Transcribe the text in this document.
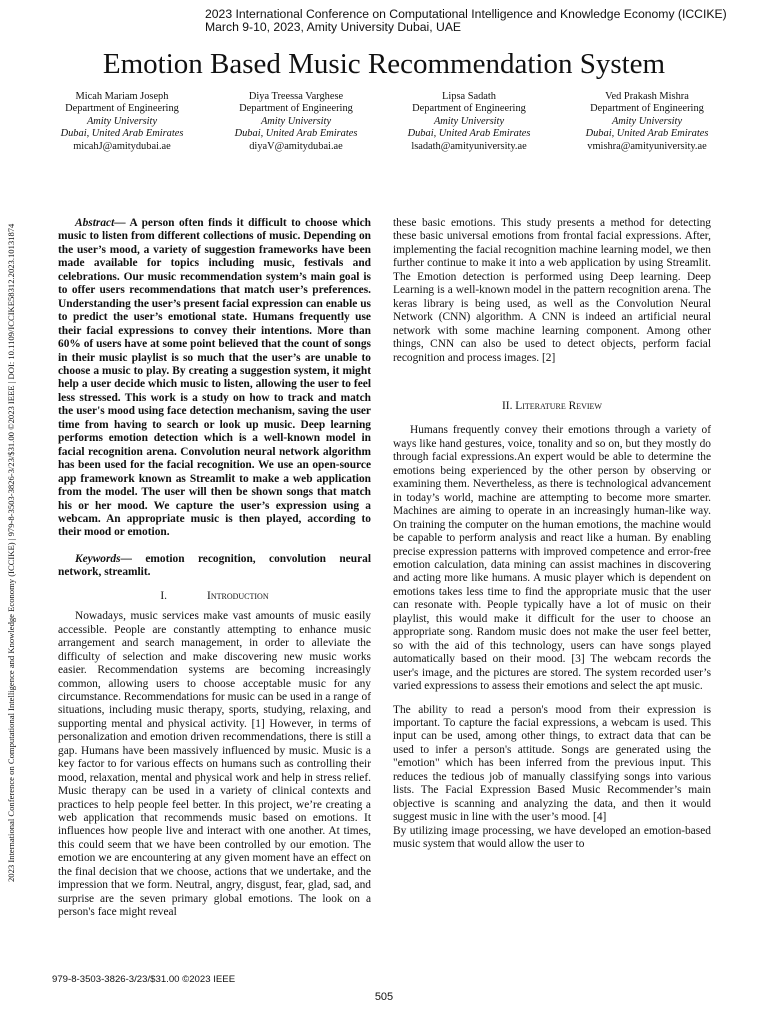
2023 International Conference on Computational Intelligence and Knowledge Economy (ICCIKE)
March 9-10, 2023, Amity University Dubai, UAE
Emotion Based Music Recommendation System
Micah Mariam Joseph
Department of Engineering
Amity University
Dubai, United Arab Emirates
micahJ@amitydubai.ae
Diya Treessa Varghese
Department of Engineering
Amity University
Dubai, United Arab Emirates
diyaV@amitydubai.ae
Lipsa Sadath
Department of Engineering
Amity University
Dubai, United Arab Emirates
lsadath@amityuniversity.ae
Ved Prakash Mishra
Department of Engineering
Amity University
Dubai, United Arab Emirates
vmishra@amityuniversity.ae
2023 International Conference on Computational Intelligence and Knowledge Economy (ICCIKE) | 979-8-3503-3826-3/23/$31.00 ©2023 IEEE | DOI: 10.1109/ICCIKE58312.2023.10131874

Abstract— A person often finds it difficult to choose which music to listen from different collections of music. Depending on the user’s mood, a variety of suggestion frameworks have been made available for topics including music, festivals and celebrations. Our music recommendation system’s main goal is to offer users recommendations that match user’s preferences. Understanding the user’s present facial expression can enable us to predict the user’s emotional state. Humans frequently use their facial expressions to convey their intentions. More than 60% of users have at some point believed that the count of songs in their music playlist is so much that the user’s are unable to choose a music to play. By creating a suggestion system, it might help a user decide which music to listen, allowing the user to feel less stressed. This work is a study on how to track and match the user's mood using face detection mechanism, saving the user time from having to search or look up music. Deep learning performs emotion detection which is a well-known model in facial recognition arena. Convolution neural network algorithm has been used for the facial recognition. We use an open-source app framework known as Streamlit to make a web application from the model. The user will then be shown songs that match his or her mood. We capture the user’s expression using a webcam. An appropriate music is then played, according to their mood or emotion.

Keywords— emotion recognition, convolution neural network, streamlit.

I.	Introduction

Nowadays, music services make vast amounts of music easily accessible. People are constantly attempting to enhance music arrangement and search management, in order to alleviate the difficulty of selection and make discovering new music works easier. Recommendation systems are becoming increasingly common, allowing users to choose acceptable music for any circumstance. Recommendations for music can be used in a range of situations, including music therapy, sports, studying, relaxing, and supporting mental and physical activity. [1] However, in terms of personalization and emotion driven recommendations, there is still a gap. Humans have been massively influenced by music. Music is a key factor to for various effects on humans such as controlling their mood, relaxation, mental and physical work and help in stress relief. Music therapy can be used in a variety of clinical contexts and practices to help people feel better. In this project, we’re creating a web application that recommends music based on emotions. It influences how people live and interact with one another. At times, this could seem that we have been controlled by our emotion. The emotion we are encountering at any given moment have an effect on the final decision that we choose, actions that we undertake, and the impression that we form. Neutral, angry, disgust, fear, glad, sad, and surprise are the seven primary global emotions. The look on a person's face might reveal

these basic emotions. This study presents a method for detecting these basic universal emotions from frontal facial expressions. After, implementing the facial recognition machine learning model, we then further continue to make it into a web application by using Streamlit. The Emotion detection is performed using Deep learning. Deep Learning is a well-known model in the pattern recognition arena. The keras library is being used, as well as the Convolution Neural Network (CNN) algorithm. A CNN is indeed an artificial neural network with some machine learning component. Among other things, CNN can also be used to detect objects, perform facial recognition and process images. [2]

II. Literature Review

Humans frequently convey their emotions through a variety of ways like hand gestures, voice, tonality and so on, but they mostly do through facial expressions.An expert would be able to determine the emotions being experienced by the other person by observing or examining them. Nevertheless, as there is technological advancement in today’s world, machine are attempting to become more smarter. Machines are aiming to operate in an increasingly human-like way. On training the computer on the human emotions, the machine would be capable to perform analysis and react like a human. By enabling precise expression patterns with improved competence and error-free emotion calculation, data mining can assist machines in discovering and acting more like humans. A music player which is dependent on emotions takes less time to find the appropriate music that the user can resonate with. People typically have a lot of music on their playlist, this would make it difficult for the user to choose an appropriate song. Random music does not make the user feel better, so with the aid of this technology, users can have songs played automatically based on their mood. [3] The webcam records the user's image, and the pictures are stored. The system recorded user’s varied expressions to assess their emotions and select the apt music.

The ability to read a person's mood from their expression is important. To capture the facial expressions, a webcam is used. This input can be used, among other things, to extract data that can be used to infer a person's attitude. Songs are generated using the "emotion" which has been inferred from the previous input. This reduces the tedious job of manually classifying songs into various lists. The Facial Expression Based Music Recommender’s main objective is scanning and analyzing the data, and then it would suggest music in line with the user’s mood. [4]

By utilizing image processing, we have developed an emotion-based music system that would allow the user to

979-8-3503-3826-3/23/$31.00 ©2023 IEEE
505
